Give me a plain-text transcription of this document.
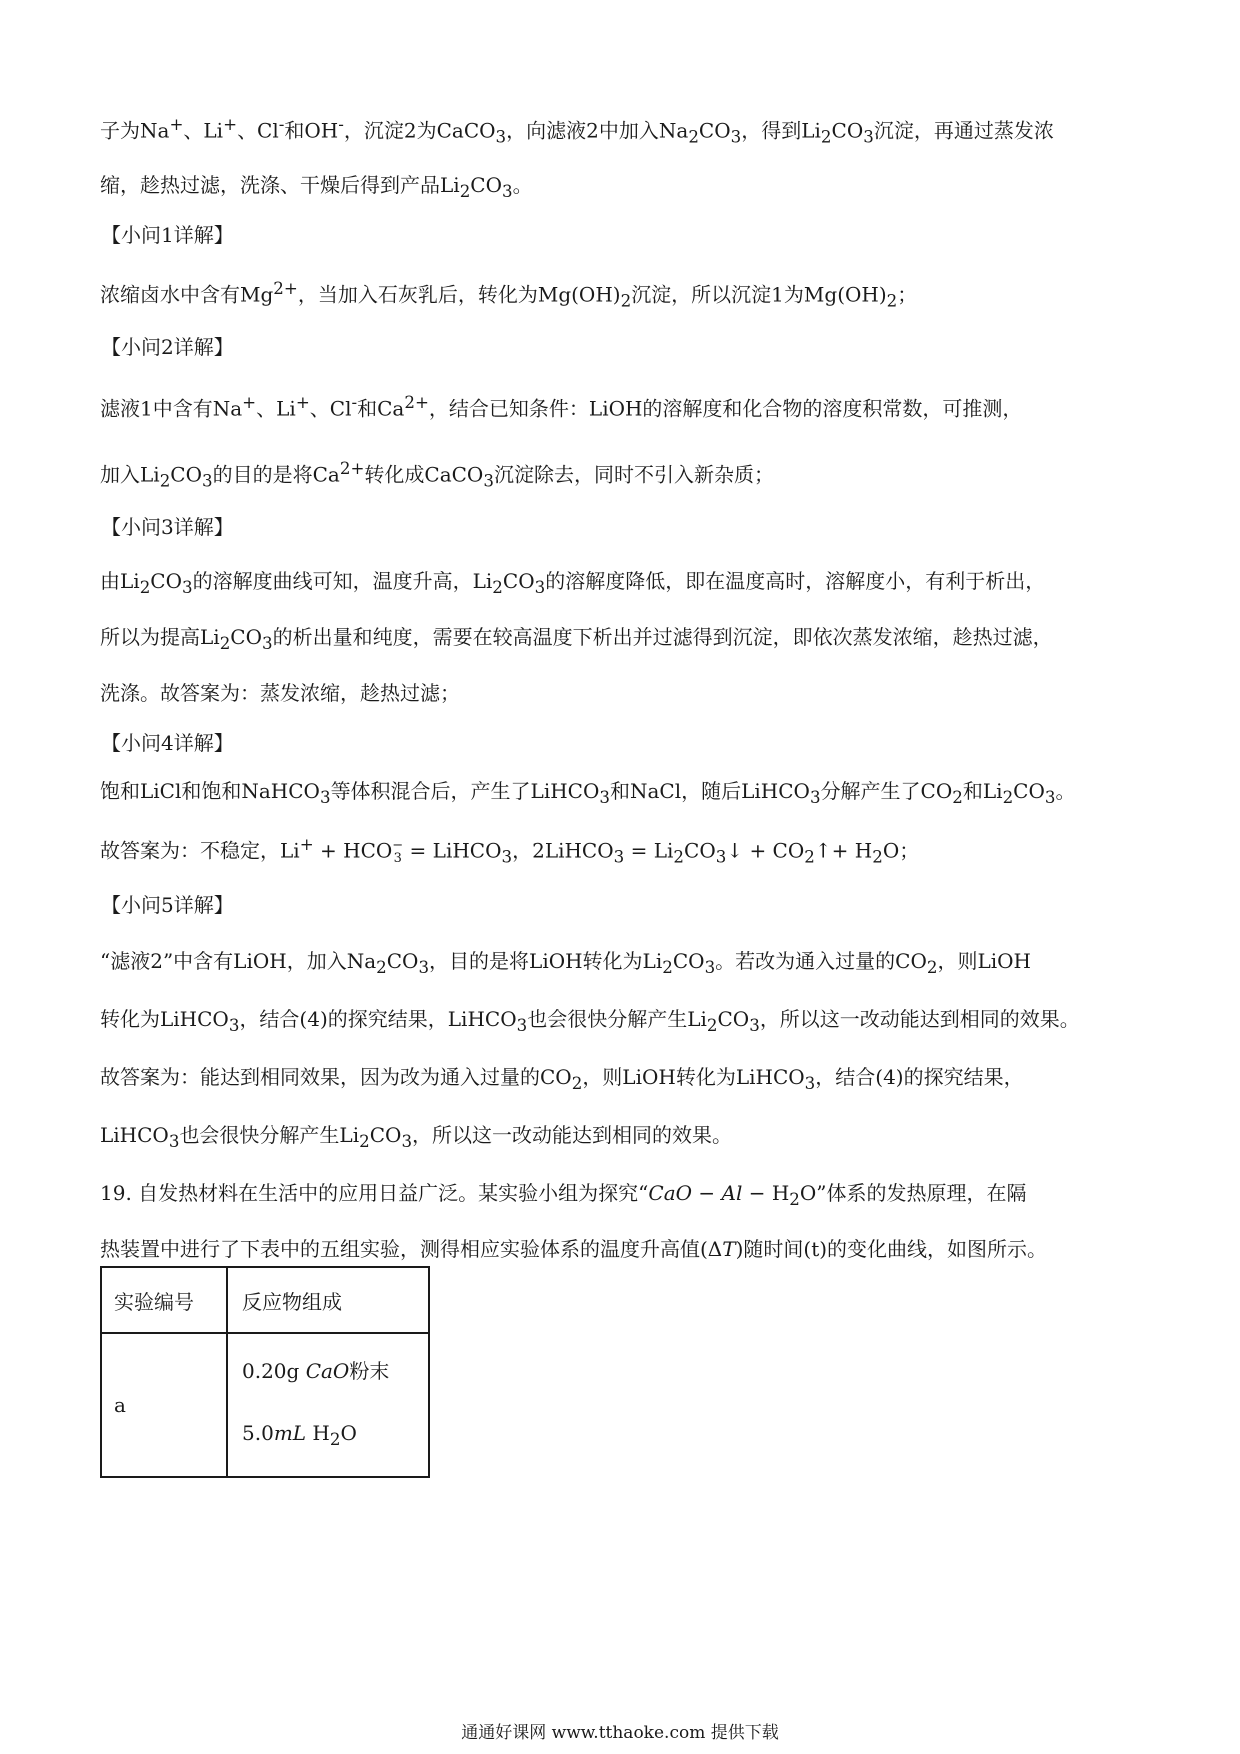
子为Na+、Li+、Cl-和OH-，沉淀2为CaCO$_3$，向滤液2中加入$Na_2CO_3$，得到$Li_2CO_3$沉淀，再通过蒸发浓
缩，趁热过滤，洗涤、干燥后得到产品$Li_2CO_3$。
【小问1详解】
浓缩卤水中含有$Mg^{2+}$，当加入石灰乳后，转化为$Mg(OH)_2$沉淀，所以沉淀1为$Mg(OH)_2$；
【小问2详解】
滤液1中含有Na+、Li+、Cl-和$Ca^{2+}$，结合已知条件：LiOH的溶解度和化合物的溶度积常数，可推测，
加入$Li_2CO_3$的目的是将$Ca^{2+}$转化成CaCO$_3$沉淀除去，同时不引入新杂质；
【小问3详解】
由$Li_2CO_3$的溶解度曲线可知，温度升高，$Li_2CO_3$的溶解度降低，即在温度高时，溶解度小，有利于析出，
所以为提高$Li_2CO_3$的析出量和纯度，需要在较高温度下析出并过滤得到沉淀，即依次蒸发浓缩，趁热过滤，
洗涤。故答案为：蒸发浓缩，趁热过滤；
【小问4详解】
饱和LiCl和饱和NaHCO$_3$等体积混合后，产生了LiHCO$_3$和NaCl，随后LiHCO$_3$分解产生了$CO_2$和$Li_2CO_3$。
故答案为：不稳定，Li+ + HCO −
3 = LiHCO$_3$，2LiHCO$_3$ = $Li_2CO_3↓$ + $CO_2↑+ H_2O$；
【小问5详解】
“滤液2”中含有LiOH，加入$Na_2CO_3$，目的是将LiOH转化为$Li_2CO_3$。若改为通入过量的$CO_2$，则LiOH
转化为LiHCO$_3$，结合(4)的探究结果，LiHCO$_3$也会很快分解产生$Li_2CO_3$，所以这一改动能达到相同的效果。
故答案为：能达到相同效果，因为改为通入过量的$CO_2$，则LiOH转化为LiHCO$_3$，结合(4)的探究结果，
LiHCO$_3$也会很快分解产生$Li_2CO_3$，所以这一改动能达到相同的效果。
19. 自发热材料在生活中的应用日益广泛。某实验小组为探究“CaO − $Al - H_2O$”体系的发热原理，在隔
热装置中进行了下表中的五组实验，测得相应实验体系的温度升高值(ΔT)随时间(t)的变化曲线，如图所示。
实验编号	反应物组成
a	0.20g CaO粉末
5.0mL $H_2O$
通通好课网 www.tthaoke.com 提供下载
